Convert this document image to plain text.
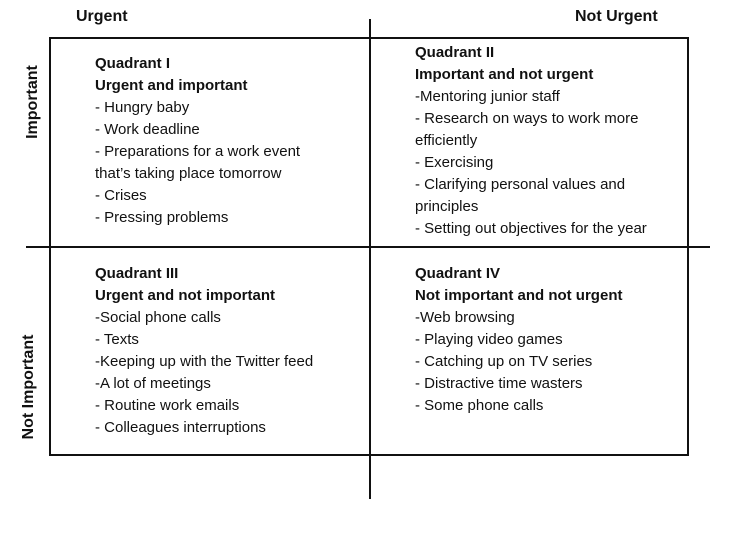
Urgent	Not Urgent
Important
Not Important
Quadrant I
Urgent and important
- Hungry baby
- Work deadline
- Preparations for a work event
that’s taking place tomorrow
- Crises
- Pressing problems
Quadrant II
Important and not urgent
-Mentoring junior staff
- Research on ways to work more
efficiently
- Exercising
- Clarifying personal values and
principles
- Setting out objectives for the year
Quadrant III
Urgent and not important
-Social phone calls
- Texts
-Keeping up with the Twitter feed
-A lot of meetings
- Routine work emails
- Colleagues interruptions
Quadrant IV
Not important and not urgent
-Web browsing
- Playing video games
- Catching up on TV series
- Distractive time wasters
- Some phone calls
